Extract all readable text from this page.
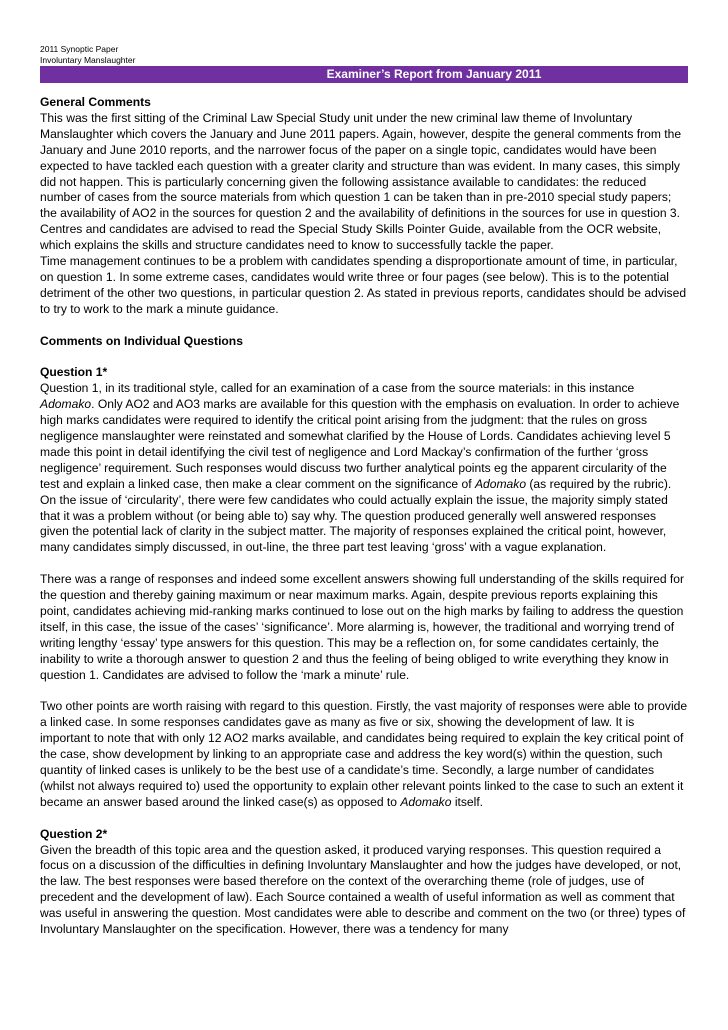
2011 Synoptic Paper
Involuntary Manslaughter
Examiner’s Report from January 2011
General Comments

This was the first sitting of the Criminal Law Special Study unit under the new criminal law theme of Involuntary Manslaughter which covers the January and June 2011 papers. Again, however, despite the general comments from the January and June 2010 reports, and the narrower focus of the paper on a single topic, candidates would have been expected to have tackled each question with a greater clarity and structure than was evident. In many cases, this simply did not happen. This is particularly concerning given the following assistance available to candidates: the reduced number of cases from the source materials from which question 1 can be taken than in pre-2010 special study papers; the availability of AO2 in the sources for question 2 and the availability of definitions in the sources for use in question 3. Centres and candidates are advised to read the Special Study Skills Pointer Guide, available from the OCR website, which explains the skills and structure candidates need to know to successfully tackle the paper.

Time management continues to be a problem with candidates spending a disproportionate amount of time, in particular, on question 1. In some extreme cases, candidates would write three or four pages (see below). This is to the potential detriment of the other two questions, in particular question 2. As stated in previous reports, candidates should be advised to try to work to the mark a minute guidance.

Comments on Individual Questions
Question 1*

Question 1, in its traditional style, called for an examination of a case from the source materials: in this instance Adomako. Only AO2 and AO3 marks are available for this question with the emphasis on evaluation. In order to achieve high marks candidates were required to identify the critical point arising from the judgment: that the rules on gross negligence manslaughter were reinstated and somewhat clarified by the House of Lords. Candidates achieving level 5 made this point in detail identifying the civil test of negligence and Lord Mackay’s confirmation of the further ‘gross negligence’ requirement. Such responses would discuss two further analytical points eg the apparent circularity of the test and explain a linked case, then make a clear comment on the significance of Adomako (as required by the rubric). On the issue of ‘circularity’, there were few candidates who could actually explain the issue, the majority simply stated that it was a problem without (or being able to) say why. The question produced generally well answered responses given the potential lack of clarity in the subject matter. The majority of responses explained the critical point, however, many candidates simply discussed, in out-line, the three part test leaving ‘gross’ with a vague explanation.

There was a range of responses and indeed some excellent answers showing full understanding of the skills required for the question and thereby gaining maximum or near maximum marks. Again, despite previous reports explaining this point, candidates achieving mid-ranking marks continued to lose out on the high marks by failing to address the question itself, in this case, the issue of the cases’ ‘significance’. More alarming is, however, the traditional and worrying trend of writing lengthy ‘essay’ type answers for this question. This may be a reflection on, for some candidates certainly, the inability to write a thorough answer to question 2 and thus the feeling of being obliged to write everything they know in question 1. Candidates are advised to follow the ‘mark a minute’ rule.

Two other points are worth raising with regard to this question. Firstly, the vast majority of responses were able to provide a linked case. In some responses candidates gave as many as five or six, showing the development of law. It is important to note that with only 12 AO2 marks available, and candidates being required to explain the key critical point of the case, show development by linking to an appropriate case and address the key word(s) within the question, such quantity of linked cases is unlikely to be the best use of a candidate’s time. Secondly, a large number of candidates (whilst not always required to) used the opportunity to explain other relevant points linked to the case to such an extent it became an answer based around the linked case(s) as opposed to Adomako itself.

Question 2*

Given the breadth of this topic area and the question asked, it produced varying responses. This question required a focus on a discussion of the difficulties in defining Involuntary Manslaughter and how the judges have developed, or not, the law. The best responses were based therefore on the context of the overarching theme (role of judges, use of precedent and the development of law). Each Source contained a wealth of useful information as well as comment that was useful in answering the question. Most candidates were able to describe and comment on the two (or three) types of Involuntary Manslaughter on the specification. However, there was a tendency for many
